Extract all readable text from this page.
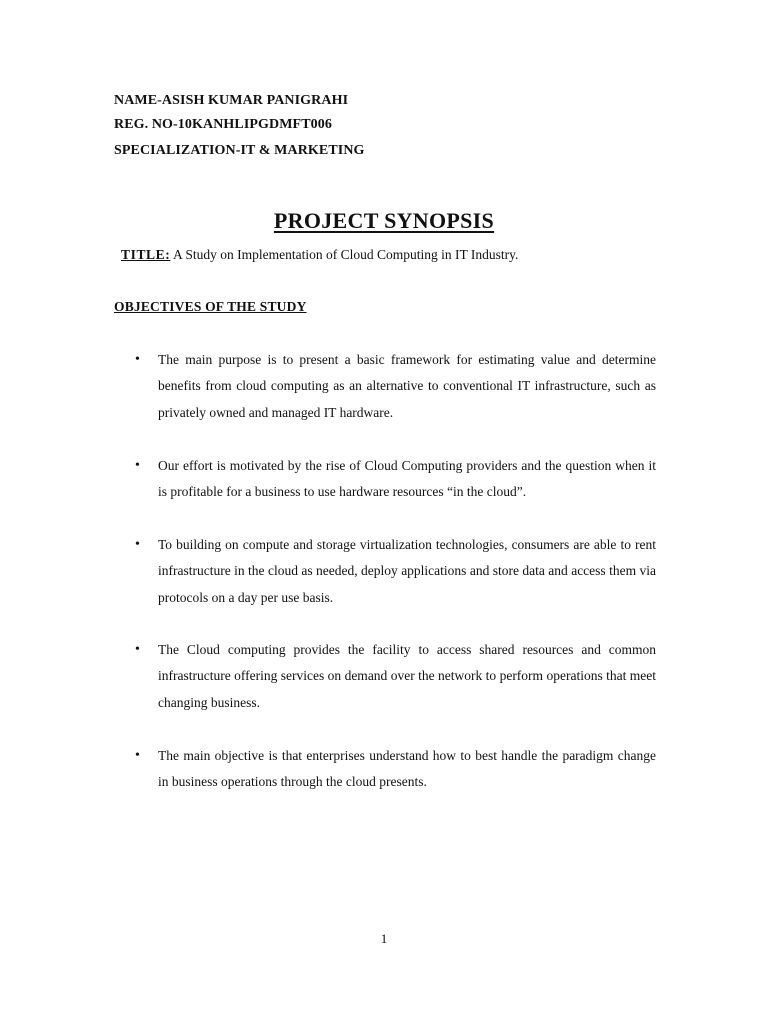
NAME-ASISH KUMAR PANIGRAHI
REG. NO-10KANHLIPGDMFT006
SPECIALIZATION-IT & MARKETING
PROJECT SYNOPSIS
TITLE: A Study on Implementation of Cloud Computing in IT Industry.
OBJECTIVES OF THE STUDY
• The main purpose is to present a basic framework for estimating value and determine benefits from cloud computing as an alternative to conventional IT infrastructure, such as privately owned and managed IT hardware.
• Our effort is motivated by the rise of Cloud Computing providers and the question when it is profitable for a business to use hardware resources “in the cloud”.
• To building on compute and storage virtualization technologies, consumers are able to rent infrastructure in the cloud as needed, deploy applications and store data and access them via protocols on a day per use basis.
• The Cloud computing provides the facility to access shared resources and common infrastructure offering services on demand over the network to perform operations that meet changing business.
• The main objective is that enterprises understand how to best handle the paradigm change in business operations through the cloud presents.
1
